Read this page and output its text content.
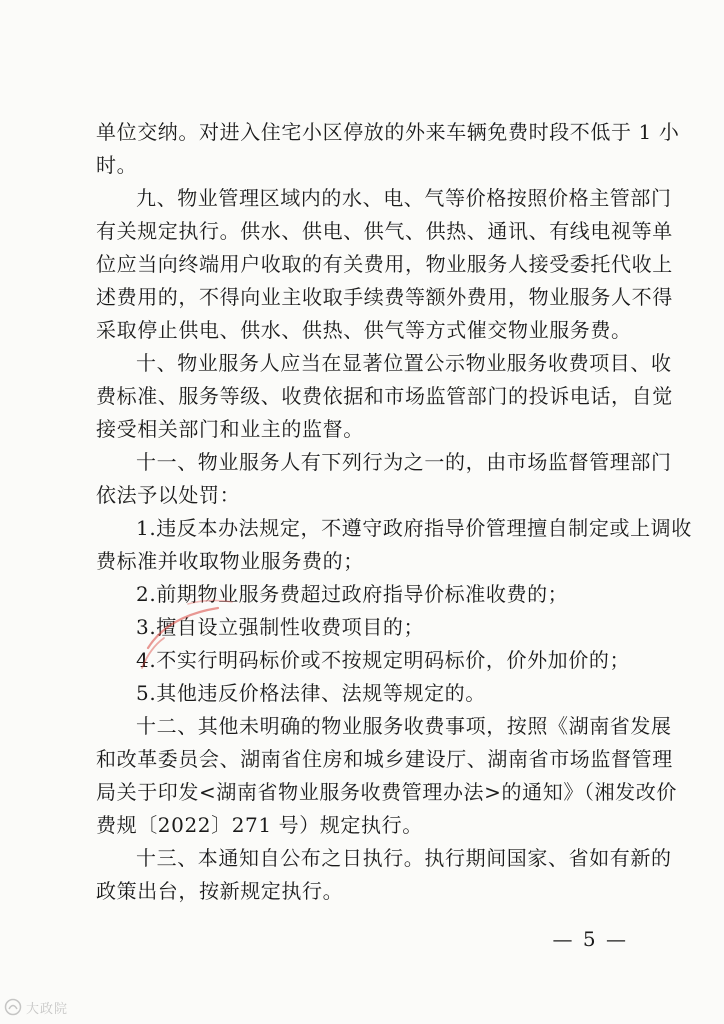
单位交纳。对进入住宅小区停放的外来车辆免费时段不低于 1 小
时。
九、物业管理区域内的水、电、气等价格按照价格主管部门
有关规定执行。供水、供电、供气、供热、通讯、有线电视等单
位应当向终端用户收取的有关费用，物业服务人接受委托代收上
述费用的，不得向业主收取手续费等额外费用，物业服务人不得
采取停止供电、供水、供热、供气等方式催交物业服务费。
十、物业服务人应当在显著位置公示物业服务收费项目、收
费标准、服务等级、收费依据和市场监管部门的投诉电话，自觉
接受相关部门和业主的监督。
十一、物业服务人有下列行为之一的，由市场监督管理部门
依法予以处罚：
1.违反本办法规定，不遵守政府指导价管理擅自制定或上调收
费标准并收取物业服务费的；
2.前期物业服务费超过政府指导价标准收费的；
3.擅自设立强制性收费项目的；
4.不实行明码标价或不按规定明码标价，价外加价的；
5.其他违反价格法律、法规等规定的。
十二、其他未明确的物业服务收费事项，按照《湖南省发展
和改革委员会、湖南省住房和城乡建设厅、湖南省市场监督管理
局关于印发<湖南省物业服务收费管理办法>的通知》（湘发改价
费规〔2022〕271 号）规定执行。
十三、本通知自公布之日执行。执行期间国家、省如有新的
政策出台，按新规定执行。
— 5 —
大政院
